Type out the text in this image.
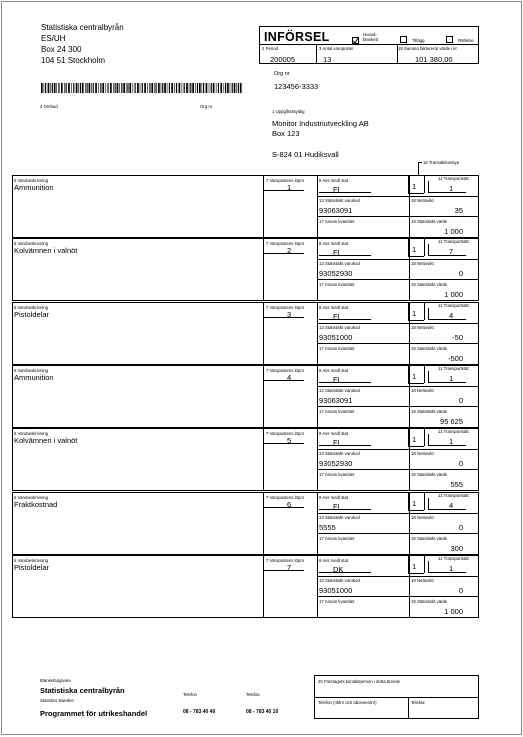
Statistiska centralbyrån
ES/UH
Box 24 300
104 51 Stockholm
INFÖRSEL	Huvud-
blankett	Tillägg	Rättelse
2 Period
200005
3 Antal varuposter
13
18 Summa fakturerat värde i kr
101 380,00
Org nr
123456-3333
4 Ombud	Org nr
1 Uppgiftsskyldig
Monitor Industriutveckling AB
Box 123
S-824 01 Hudiksvall
16 Transaktionstyp
6 Varubeskrivning
Ammunition
7 Varupostens löpnr
1
8 Avs medl stat
FI	1
11 Transportsätt
1
13 Statistiskt varukod
93063091
18 Nettovikt
35
17 Annan kvantitet	19 Statistiskt värde
1 000
6 Varubeskrivning
Kolvämnen i valnöt
7 Varupostens löpnr
2
8 Avs medl stat
FI	1
11 Transportsätt
7
13 Statistiskt varukod
93052930
18 Nettovikt
0
17 Annan kvantitet	19 Statistiskt värde
1 000
6 Varubeskrivning
Pistoldelar
7 Varupostens löpnr
3
8 Avs medl stat
FI	1
11 Transportsätt
4
13 Statistiskt varukod
93051000
18 Nettovikt
-50
17 Annan kvantitet	19 Statistiskt värde
-500
6 Varubeskrivning
Ammunition
7 Varupostens löpnr
4
8 Avs medl stat
FI	1
11 Transportsätt
1
13 Statistiskt varukod
93063091
18 Nettovikt
0
17 Annan kvantitet	19 Statistiskt värde
95 625
6 Varubeskrivning
Kolvämnen i valnöt
7 Varupostens löpnr
5
8 Avs medl stat
FI	1
11 Transportsätt
1
13 Statistiskt varukod
93052930
18 Nettovikt
0
17 Annan kvantitet	19 Statistiskt värde
555
6 Varubeskrivning
Fraktkostnad
7 Varupostens löpnr
6
8 Avs medl stat
FI	1
11 Transportsätt
4
13 Statistiskt varukod
5555
18 Nettovikt
0
17 Annan kvantitet	19 Statistiskt värde
300
6 Varubeskrivning
Pistoldelar
7 Varupostens löpnr
7
8 Avs medl stat
DK	1
11 Transportsätt
1
13 Statistiskt varukod
93051000
18 Nettovikt
0
17 Annan kvantitet	19 Statistiskt värde
1 000
Blankettutgivare
Statistiska centralbyrån
Statistics Sweden
Programmet för utrikeshandel
Telefon
08 - 783 40 40
Telefax
08 - 783 40 10
20 Företagets kontaktperson i detta ärende
Telefon (riktnr och abonnentnr)	Telefax
